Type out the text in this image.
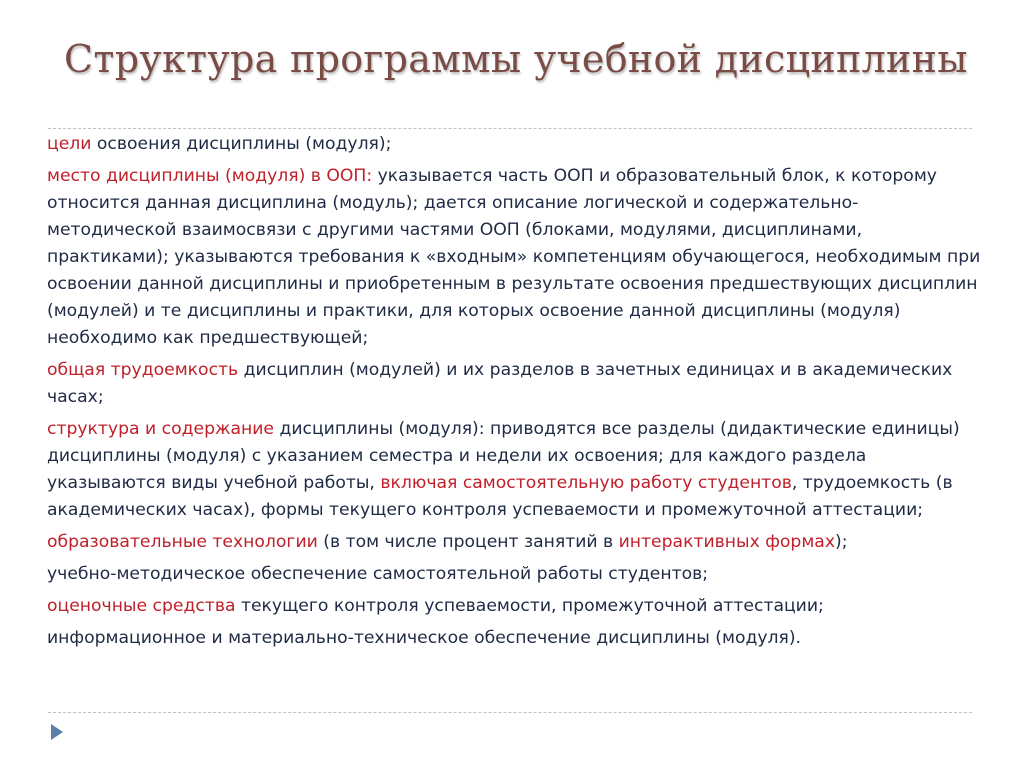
Структура программы учебной дисциплины

цели освоения дисциплины (модуля);

место дисциплины (модуля) в ООП: указывается часть ООП и образовательный блок, к которому относится данная дисциплина (модуль); дается описание логической и содержательно-методической взаимосвязи с другими частями ООП (блоками, модулями, дисциплинами, практиками); указываются требования к «входным» компетенциям обучающегося, необходимым при освоении данной дисциплины и приобретенным в результате освоения предшествующих дисциплин (модулей) и те дисциплины и практики, для которых освоение данной дисциплины (модуля) необходимо как предшествующей;

общая трудоемкость дисциплин (модулей) и их разделов в зачетных единицах и в академических часах;

структура и содержание дисциплины (модуля): приводятся все разделы (дидактические единицы) дисциплины (модуля) с указанием семестра и недели их освоения; для каждого раздела указываются виды учебной работы, включая самостоятельную работу студентов, трудоемкость (в академических часах), формы текущего контроля успеваемости и промежуточной аттестации;

образовательные технологии (в том числе процент занятий в интерактивных формах);

учебно-методическое обеспечение самостоятельной работы студентов;

оценочные средства текущего контроля успеваемости, промежуточной аттестации;

информационное и материально-техническое обеспечение дисциплины (модуля).
